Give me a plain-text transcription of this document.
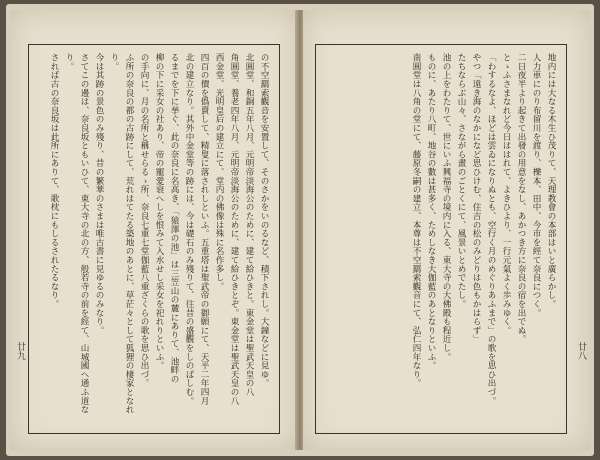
の不空羂索觀音を安置して、そのさかをいのるなど、積下されし。大鐘などに見ゆ。

北圓堂、和銅五年八月、元明帝淡海公のために、建て給ひきと。東金堂は聖武天皇の八

角圓堂、養老四年八月、元明帝淡海公のために、建て給ひきとぞ。東金堂は聖武天皇の八

西金堂、光明皇后の建立にて、堂内の佛像は殊に名作多し。

四百の價を僞賣して、精叟に落されしといふ。五重塔は聖武帝の御願にて、天平二年四月

北の建立なり。其外中金堂等の跡には、今は礎石のみ殘りて、往昔の盛觀をしのばしむ。

るまでを下に挙ぐ、此の奈良に名高き、「猿澤の池」は三笠山の麓にありて、池畔の

柳の下に采女の社あり、帝の寵愛衰へしを恨みて入水せし采女を祀れりといふ。

の手向に、月の名所と稱せらるゝ所、奈良七重七堂伽藍八重ざくらの歌を思ひ出づ。

ふ所の奈良の都の古跡にして、荒れはてたる築地のあとに、草茫々として狐狸の棲家となれり。

今は其跡の景色のみ殘り、昔の繁華のさまは唯古書に見ゆるのみなり。

さてこの邊は、奈良坂ともいひて、東大寺の北の方、般若寺の前を經て、山城國へ通ふ道なり。

されば古の奈良坂は此所にありて、歌枕にもしるされたるなり。

廿九

地内には大なる木生ひ茂りて、天理教會の本部はいと廣らかし。

人力車にのり布留川を渡り、櫟本、田中、今市を經て奈良につく。

二日夜半より起きて出發の用意をなし、あかつき方に奈良の宿を出でぬ。

とゝふさまなれど今日ははれて、よきひより、一行元氣よく歩みゆく。

「わするなよ、ほどは雲ゐになりぬとも、空行く月のめぐりあふまで」の歌を思ひ出づ。

やつ「遠き海のなかになど思ひけむ、住吉の松のみどりは色もかはらず」

たちならぶ山々、さながら畫のごとくにて、風景いとめでたし。

池の上をわたりて、世にいふ興福寺の境内に入る、東大寺の大佛殿も程近し。

ものに、あたり八町、地谷の數は甚多く、ためしなき大伽藍のあとなりといふ。

南圓堂は八角の堂にて、藤原冬嗣の建立、本尊は不空羂索觀音にて、弘仁四年なり。	廿八
